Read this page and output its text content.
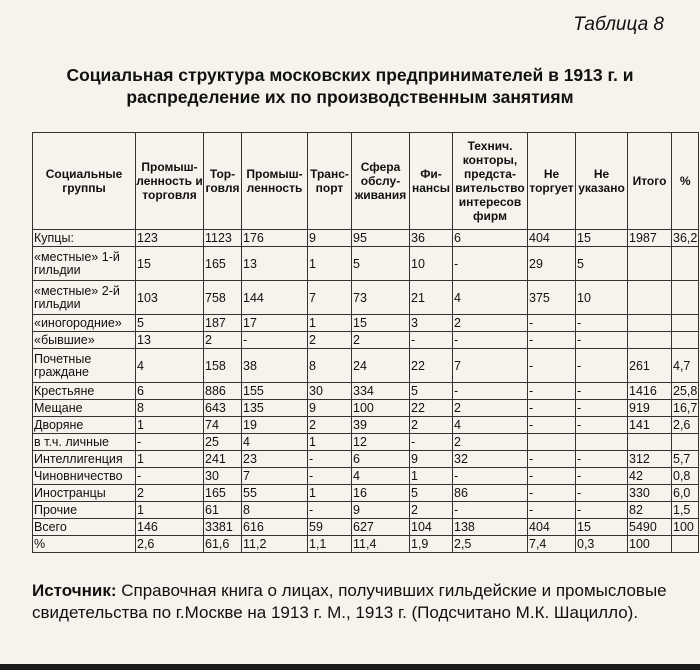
Таблица 8
Социальная структура московских предпринимателей в 1913 г. и
распределение их по производственным занятиям
Социальные группы	Промыш-ленность и торговля	Тор-говля	Промыш-ленность	Транс-порт	Сфера обслу-живания	Фи-нансы	Технич. конторы, предста-вительство интересов фирм	Не торгует	Не указано	Итого	%
Купцы:	123	1123	176	9	95	36	6	404	15	1987	36,2
«местные» 1-й гильдии	15	165	13	1	5	10	-	29	5		
«местные» 2-й гильдии	103	758	144	7	73	21	4	375	10		
«иногородние»	5	187	17	1	15	3	2	-	-		
«бывшие»	13	2	-	2	2	-	-	-	-		
Почетные граждане	4	158	38	8	24	22	7	-	-	261	4,7
Крестьяне	6	886	155	30	334	5	-	-	-	1416	25,8
Мещане	8	643	135	9	100	22	2	-	-	919	16,7
Дворяне	1	74	19	2	39	2	4	-	-	141	2,6
в т.ч. личные	-	25	4	1	12	-	2				
Интеллигенция	1	241	23	-	6	9	32	-	-	312	5,7
Чиновничество	-	30	7	-	4	1	-	-	-	42	0,8
Иностранцы	2	165	55	1	16	5	86	-	-	330	6,0
Прочие	1	61	8	-	9	2	-	-	-	82	1,5
Всего	146	3381	616	59	627	104	138	404	15	5490	100
%	2,6	61,6	11,2	1,1	11,4	1,9	2,5	7,4	0,3	100	
Источник: Справочная книга о лицах, получивших гильдейские и промысловые свидетельства по г.Москве на 1913 г. М., 1913 г. (Подсчитано М.К. Шацилло).
